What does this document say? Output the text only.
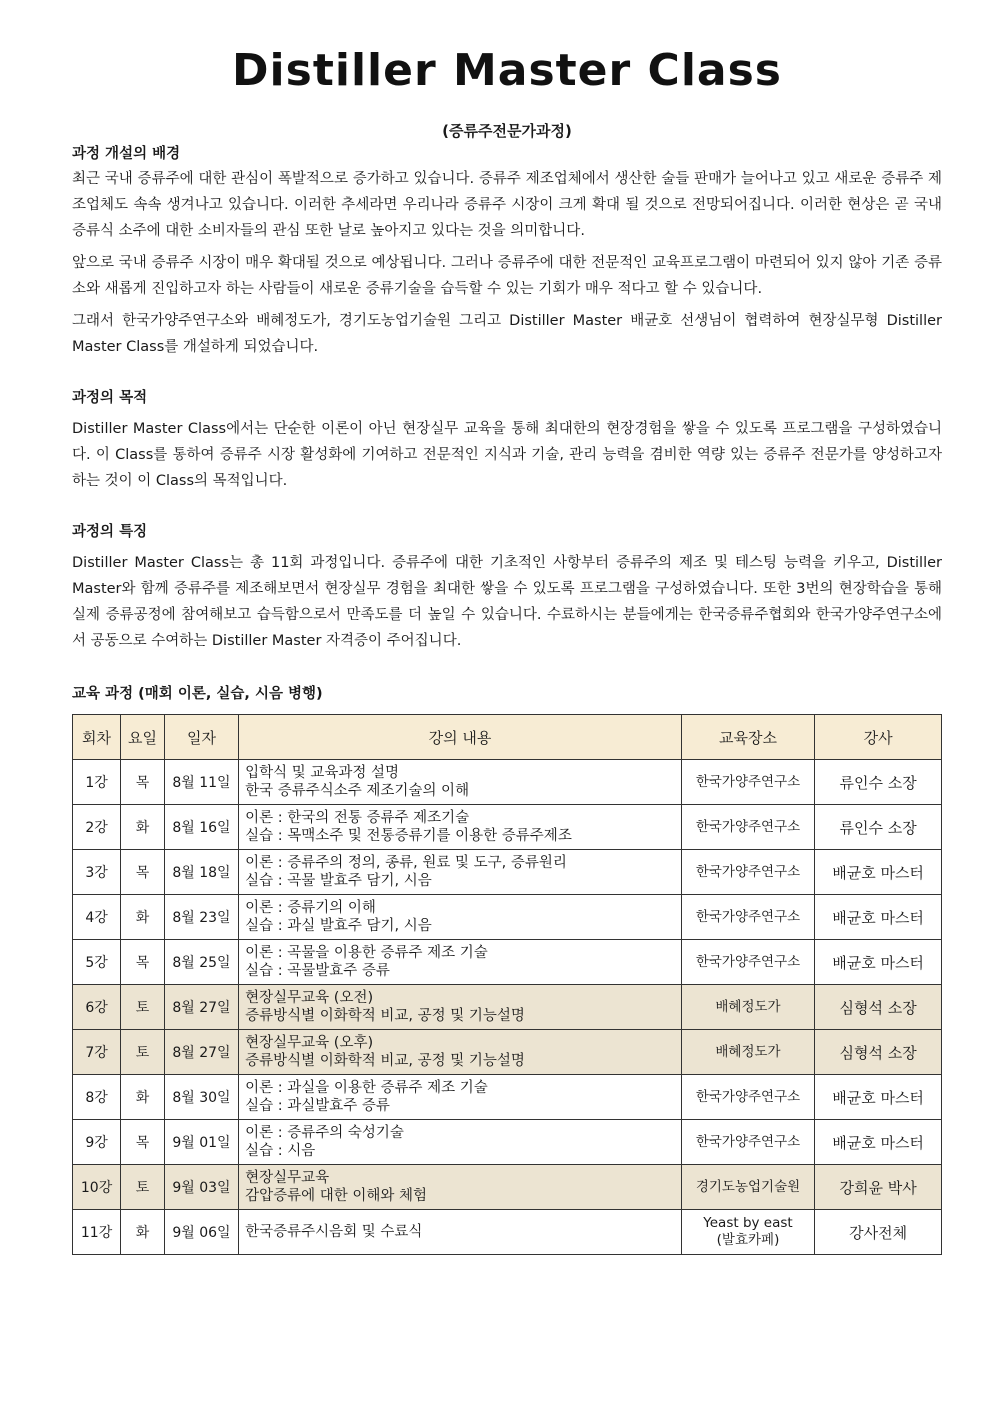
Distiller Master Class
(증류주전문가과정)
과정 개설의 배경

최근 국내 증류주에 대한 관심이 폭발적으로 증가하고 있습니다. 증류주 제조업체에서 생산한 술들 판매가 늘어나고 있고 새로운 증류주 제조업체도 속속 생겨나고 있습니다. 이러한 추세라면 우리나라 증류주 시장이 크게 확대 될 것으로 전망되어집니다. 이러한 현상은 곧 국내 증류식 소주에 대한 소비자들의 관심 또한 날로 높아지고 있다는 것을 의미합니다.

앞으로 국내 증류주 시장이 매우 확대될 것으로 예상됩니다. 그러나 증류주에 대한 전문적인 교육프로그램이 마련되어 있지 않아 기존 증류소와 새롭게 진입하고자 하는 사람들이 새로운 증류기술을 습득할 수 있는 기회가 매우 적다고 할 수 있습니다.

그래서 한국가양주연구소와 배혜정도가, 경기도농업기술원 그리고 Distiller Master 배균호 선생님이 협력하여 현장실무형 Distiller Master Class를 개설하게 되었습니다.

과정의 목적

Distiller Master Class에서는 단순한 이론이 아닌 현장실무 교육을 통해 최대한의 현장경험을 쌓을 수 있도록 프로그램을 구성하였습니다. 이 Class를 통하여 증류주 시장 활성화에 기여하고 전문적인 지식과 기술, 관리 능력을 겸비한 역량 있는 증류주 전문가를 양성하고자 하는 것이 이 Class의 목적입니다.

과정의 특징

Distiller Master Class는 총 11회 과정입니다. 증류주에 대한 기초적인 사항부터 증류주의 제조 및 테스팅 능력을 키우고, Distiller Master와 함께 증류주를 제조해보면서 현장실무 경험을 최대한 쌓을 수 있도록 프로그램을 구성하였습니다. 또한 3번의 현장학습을 통해 실제 증류공정에 참여해보고 습득함으로서 만족도를 더 높일 수 있습니다. 수료하시는 분들에게는 한국증류주협회와 한국가양주연구소에서 공동으로 수여하는 Distiller Master 자격증이 주어집니다.

교육 과정 (매회 이론, 실습, 시음 병행)
회차	요일	일자	강의 내용	교육장소	강사
1강	목	8월 11일	입학식 및 교육과정 설명
한국 증류주식소주 제조기술의 이해	한국가양주연구소	류인수 소장
2강	화	8월 16일	이론 : 한국의 전통 증류주 제조기술
실습 : 목맥소주 및 전통증류기를 이용한 증류주제조	한국가양주연구소	류인수 소장
3강	목	8월 18일	이론 : 증류주의 정의, 종류, 원료 및 도구, 증류원리
실습 : 곡물 발효주 담기, 시음	한국가양주연구소	배균호 마스터
4강	화	8월 23일	이론 : 증류기의 이해
실습 : 과실 발효주 담기, 시음	한국가양주연구소	배균호 마스터
5강	목	8월 25일	이론 : 곡물을 이용한 증류주 제조 기술
실습 : 곡물발효주 증류	한국가양주연구소	배균호 마스터
6강	토	8월 27일	현장실무교육 (오전)
증류방식별 이화학적 비교, 공정 및 기능설명	배혜정도가	심형석 소장
7강	토	8월 27일	현장실무교육 (오후)
증류방식별 이화학적 비교, 공정 및 기능설명	배혜정도가	심형석 소장
8강	화	8월 30일	이론 : 과실을 이용한 증류주 제조 기술
실습 : 과실발효주 증류	한국가양주연구소	배균호 마스터
9강	목	9월 01일	이론 : 증류주의 숙성기술
실습 : 시음	한국가양주연구소	배균호 마스터
10강	토	9월 03일	현장실무교육
감압증류에 대한 이해와 체험	경기도농업기술원	강희윤 박사
11강	화	9월 06일	한국증류주시음회 및 수료식	Yeast by east
(발효카페)	강사전체
